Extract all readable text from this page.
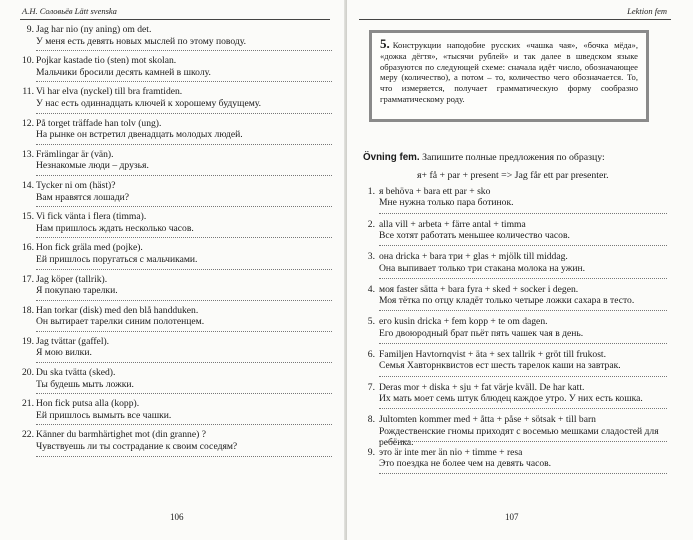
А.Н. Соловьёв Lätt svenska
9. Jag har nio (ny aning) om det.
У меня есть девять новых мыслей по этому поводу.
10. Pojkar kastade tio (sten) mot skolan.
Мальчики бросили десять камней в школу.
11. Vi har elva (nyckel) till bra framtiden.
У нас есть одиннадцать ключей к хорошему будущему.
12. På torget träffade han tolv (ung).
На рынке он встретил двенадцать молодых людей.
13. Främlingar är (vän).
Незнакомые люди – друзья.
14. Tycker ni om (häst)?
Вам нравятся лошади?
15. Vi fick vänta i flera (timma).
Нам пришлось ждать несколько часов.
16. Hon fick gräla med (pojke).
Ей пришлось поругаться с мальчиками.
17. Jag köper (tallrik).
Я покупаю тарелки.
18. Han torkar (disk) med den blå handduken.
Он вытирает тарелки синим полотенцем.
19. Jag tvättar (gaffel).
Я мою вилки.
20. Du ska tvätta (sked).
Ты будешь мыть ложки.
21. Hon fick putsa alla (kopp).
Ей пришлось вымыть все чашки.
22. Känner du barmhärtighet mot (din granne) ?
Чувствуешь ли ты сострадание к своим соседям?
106
Lektion fem
5. Конструкции наподобие русских «чашка чая», «бочка мёда», «дожка дёгтя», «тысячи рублей» и так далее в шведском языке образуются по следующей схеме: сначала идёт число, обозначающее меру (количество), а потом – то, количество чего обозначается. То, что измеряется, получает грамматическую форму сообразно грамматическому роду.
Övning fem. Запишите полные предложения по образцу:
я+ få + par + present => Jag får ett par presenter.
1. я behöva + bara ett par + sko
Мне нужна только пара ботинок.
2. alla vill + arbeta + färre antal + timma
Все хотят работать меньшее количество часов.
3. она dricka + bara три + glas + mjölk till middag.
Она выпивает только три стакана молока на ужин.
4. моя faster sätta + bara fyra + sked + socker i degen.
Моя тётка по отцу кладёт только четыре ложки сахара в тесто.
5. его kusin dricka + fem kopp + te om dagen.
Его двоюродный брат пьёт пять чашек чая в день.
6. Familjen Havtornqvist + äta + sex tallrik + gröt till frukost.
Семья Хавторнквистов ест шесть тарелок каши на завтрак.
7. Deras mor + diska + sju + fat värje kväll. De har katt.
Их мать моет семь штук блюдец каждое утро. У них есть кошка.
8. Jultomten kommer med + åtta + påse + sötsak + till barn
Рождественские гномы приходят с восемью мешками сладостей для ребёнка.
9. это är inte mer än nio + timme + resa
Это поездка не более чем на девять часов.
107
